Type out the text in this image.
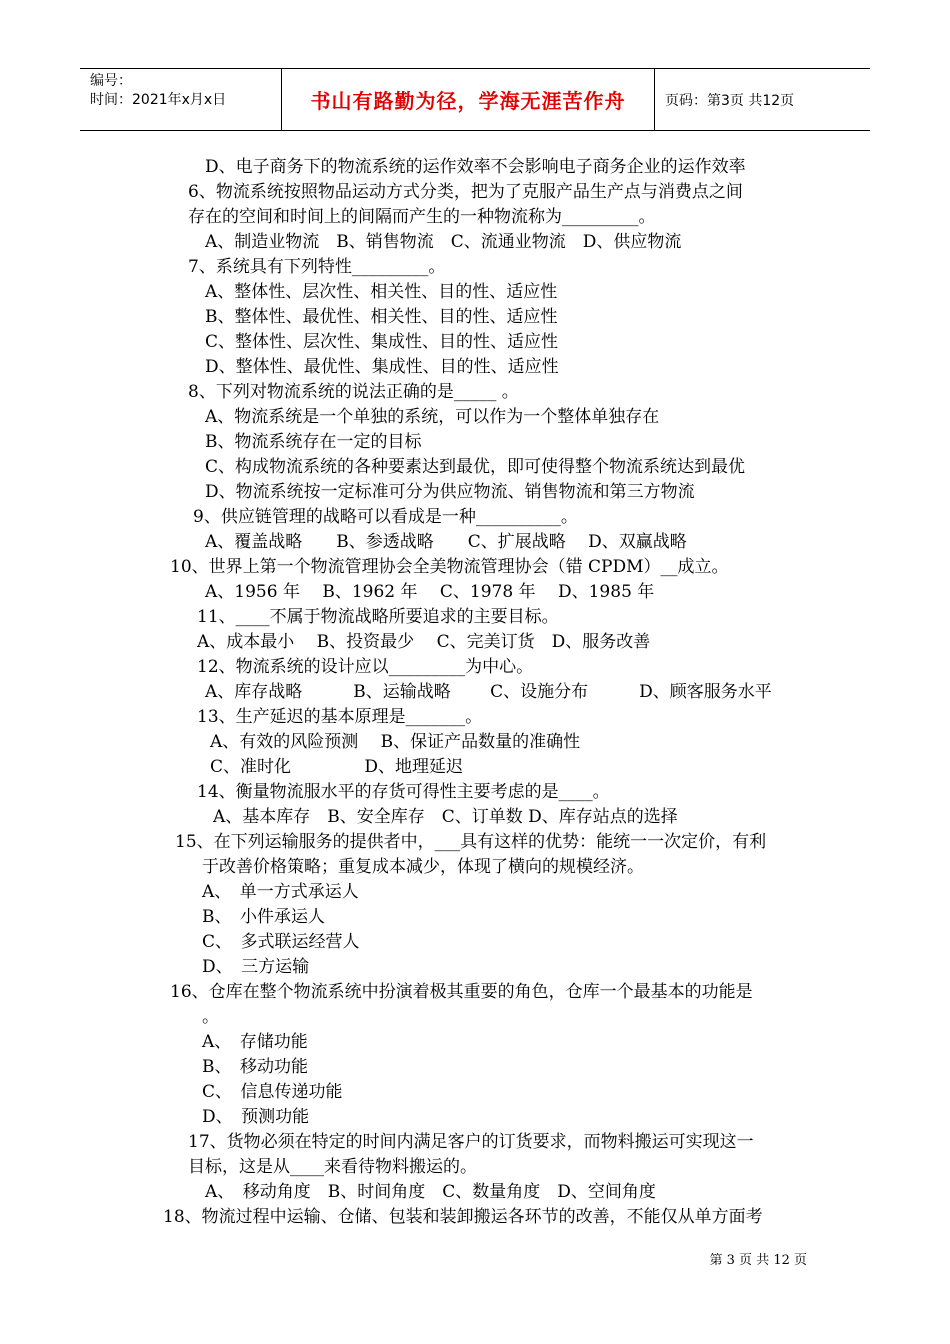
编号：
时间：2021年x月x日	书山有路勤为径，学海无涯苦作舟	页码：第3页 共12页
D、电子商务下的物流系统的运作效率不会影响电子商务企业的运作效率
6、物流系统按照物品运动方式分类，把为了克服产品生产点与消费点之间
存在的空间和时间上的间隔而产生的一种物流称为_________。
A、制造业物流　B、销售物流　C、流通业物流　D、供应物流
7、系统具有下列特性_________。
A、整体性、层次性、相关性、目的性、适应性
B、整体性、最优性、相关性、目的性、适应性
C、整体性、层次性、集成性、目的性、适应性
D、整体性、最优性、集成性、目的性、适应性
8、下列对物流系统的说法正确的是_____ 。
A、物流系统是一个单独的系统，可以作为一个整体单独存在
B、物流系统存在一定的目标
C、构成物流系统的各种要素达到最优，即可使得整个物流系统达到最优
D、物流系统按一定标准可分为供应物流、销售物流和第三方物流
9、供应链管理的战略可以看成是一种__________。
A、覆盖战略　　B、参透战略　　C、扩展战略　 D、双赢战略
10、世界上第一个物流管理协会全美物流管理协会（错 CPDM）__成立。
A、1956 年　 B、1962 年　 C、1978 年　 D、1985 年
11、____不属于物流战略所要追求的主要目标。
A、成本最小　 B、投资最少　 C、完美订货　D、服务改善
12、物流系统的设计应以_________为中心。
A、库存战略　　　B、运输战略　　 C、设施分布　　　D、顾客服务水平
13、生产延迟的基本原理是_______。
A、有效的风险预测　 B、保证产品数量的准确性
C、准时化　　　　 D、地理延迟
14、衡量物流服水平的存货可得性主要考虑的是____。
A、基本库存　B、安全库存　C、订单数 D、库存站点的选择
15、在下列运输服务的提供者中，___具有这样的优势：能统一一次定价，有利
于改善价格策略；重复成本减少，体现了横向的规模经济。
A、　单一方式承运人
B、　小件承运人
C、　多式联运经营人
D、　三方运输
16、仓库在整个物流系统中扮演着极其重要的角色，仓库一个最基本的功能是
。
A、　存储功能
B、　移动功能
C、　信息传递功能
D、　预测功能
17、货物必须在特定的时间内满足客户的订货要求，而物料搬运可实现这一
目标，这是从____来看待物料搬运的。
A、　移动角度　B、时间角度　C、数量角度　D、空间角度
18、物流过程中运输、仓储、包装和装卸搬运各环节的改善，不能仅从单方面考
第 3 页 共 12 页
